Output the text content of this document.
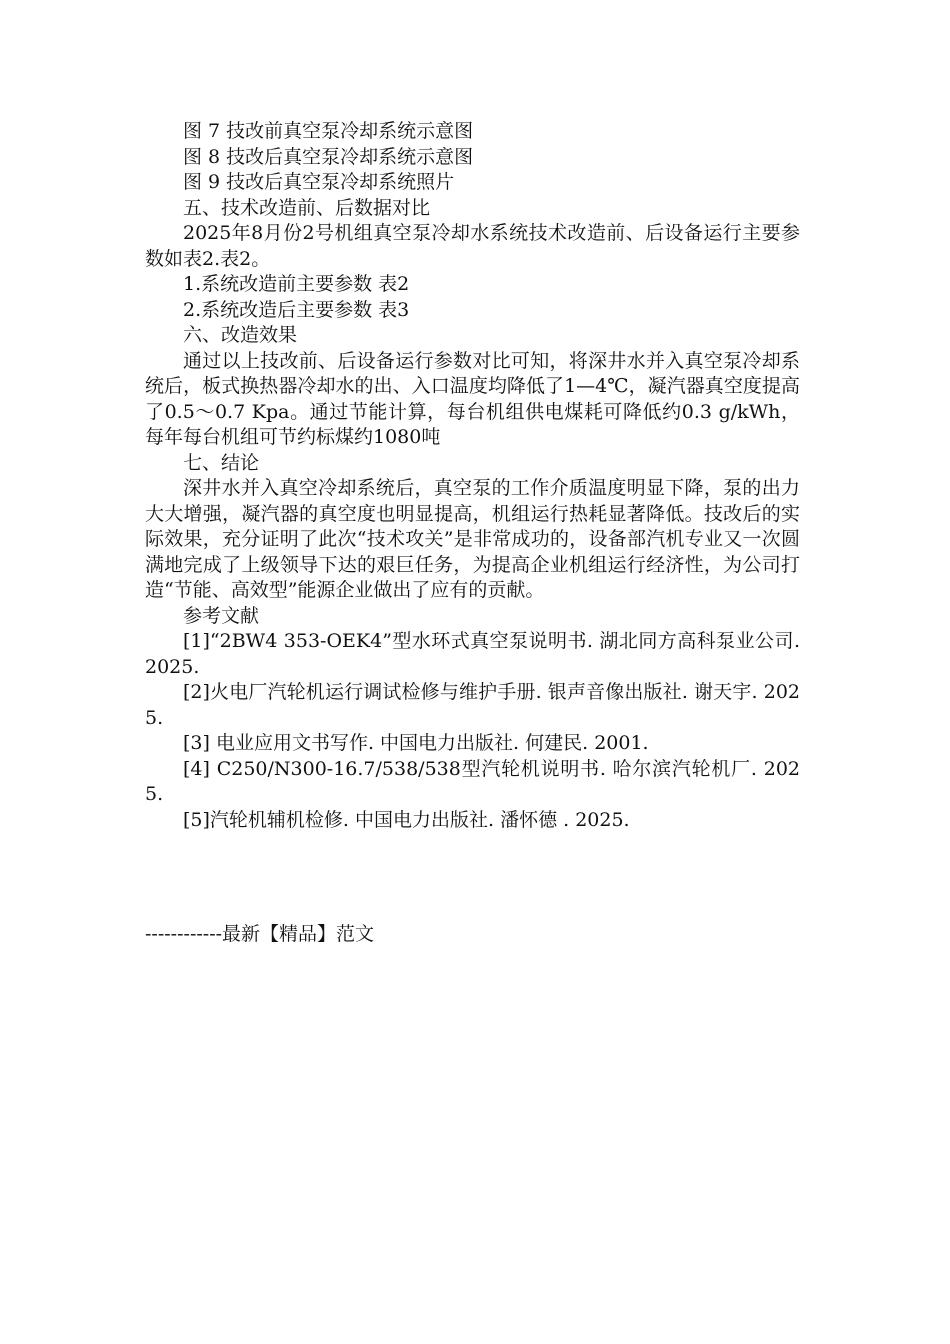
图 7 技改前真空泵冷却系统示意图

图 8 技改后真空泵冷却系统示意图

图 9 技改后真空泵冷却系统照片

五、技术改造前、后数据对比

2025年8月份2号机组真空泵冷却水系统技术改造前、后设备运行主要参数如表2.表2。

1.系统改造前主要参数 表2

2.系统改造后主要参数 表3

六、改造效果

通过以上技改前、后设备运行参数对比可知，将深井水并入真空泵冷却系统后，板式换热器冷却水的出、入口温度均降低了1—4℃，凝汽器真空度提高了0.5～0.7 Kpa。通过节能计算，每台机组供电煤耗可降低约0.3 g/kWh，每年每台机组可节约标煤约1080吨

七、结论

深井水并入真空冷却系统后，真空泵的工作介质温度明显下降，泵的出力大大增强，凝汽器的真空度也明显提高，机组运行热耗显著降低。技改后的实际效果，充分证明了此次“技术攻关”是非常成功的，设备部汽机专业又一次圆满地完成了上级领导下达的艰巨任务，为提高企业机组运行经济性，为公司打造“节能、高效型”能源企业做出了应有的贡献。

参考文献

[1]“2BW4 353-OEK4”型水环式真空泵说明书. 湖北同方高科泵业公司. 2025.

[2]火电厂汽轮机运行调试检修与维护手册. 银声音像出版社. 谢天宇. 2025.

[3] 电业应用文书写作. 中国电力出版社. 何建民. 2001.

[4] C250/N300-16.7/538/538型汽轮机说明书. 哈尔滨汽轮机厂. 2025.

[5]汽轮机辅机检修. 中国电力出版社. 潘怀德 . 2025.

------------最新【精品】范文
